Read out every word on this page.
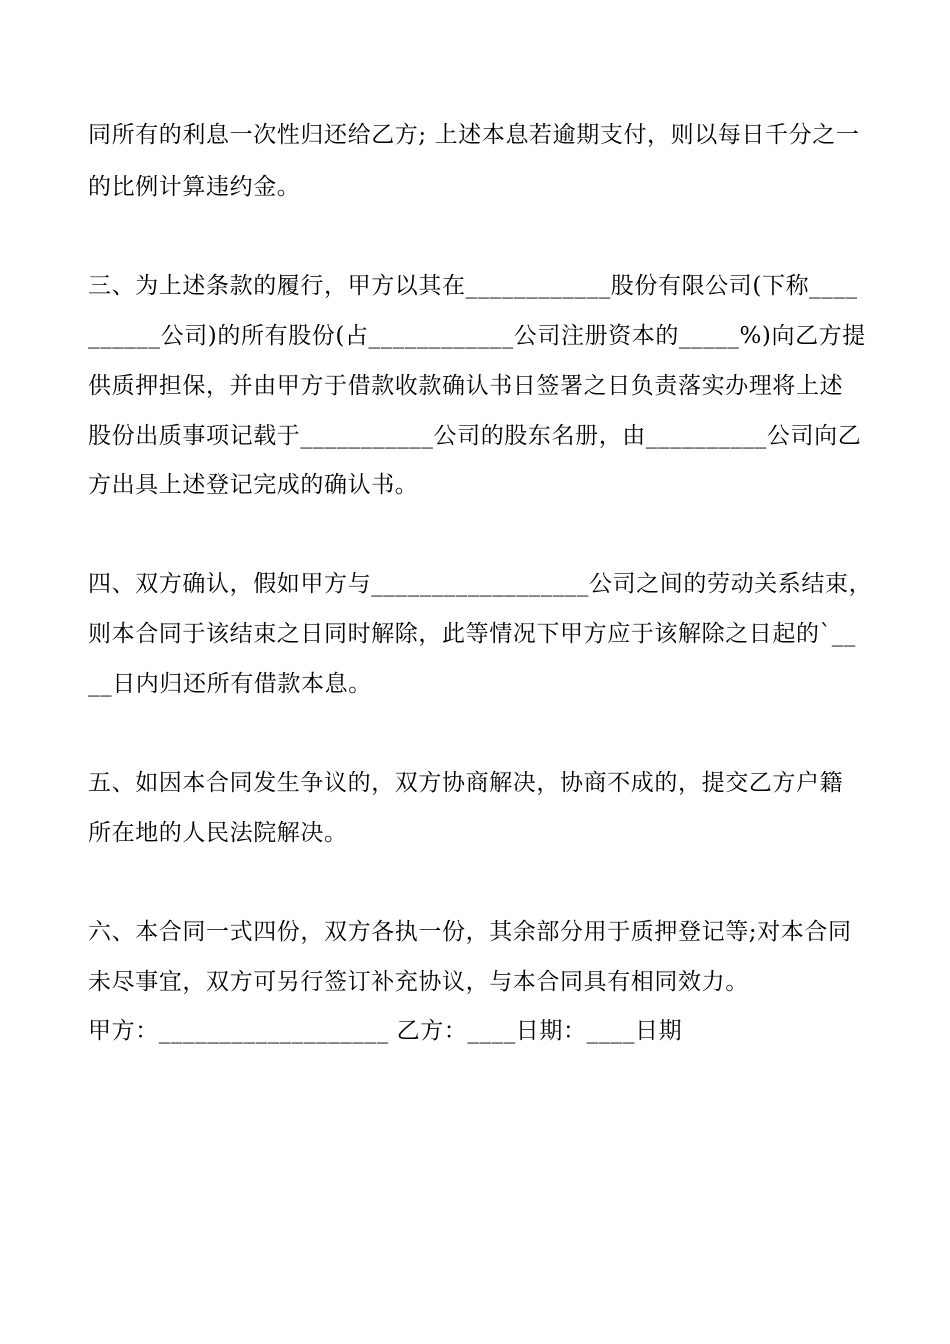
同所有的利息一次性归还给乙方; 上述本息若逾期支付，则以每日千分之一
的比例计算违约金。
三、为上述条款的履行，甲方以其在____________股份有限公司(下称____
______公司)的所有股份(占____________公司注册资本的_____%)向乙方提
供质押担保，并由甲方于借款收款确认书日签署之日负责落实办理将上述
股份出质事项记载于___________公司的股东名册，由__________公司向乙
方出具上述登记完成的确认书。
四、双方确认，假如甲方与__________________公司之间的劳动关系结束，
则本合同于该结束之日同时解除，此等情况下甲方应于该解除之日起的`__
__日内归还所有借款本息。
五、如因本合同发生争议的，双方协商解决，协商不成的，提交乙方户籍
所在地的人民法院解决。
六、本合同一式四份，双方各执一份，其余部分用于质押登记等;对本合同
未尽事宜，双方可另行签订补充协议，与本合同具有相同效力。
甲方：___________________ 乙方：____日期：____日期
